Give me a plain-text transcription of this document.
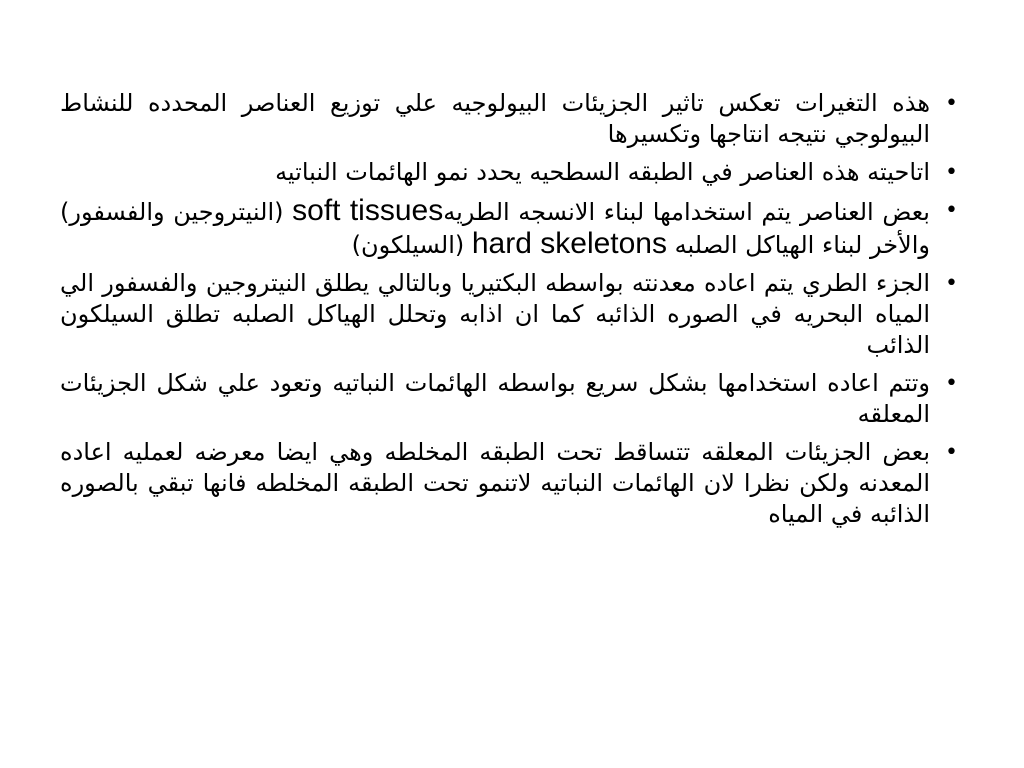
• هذه التغيرات تعكس تاثير الجزيئات البيولوجيه علي توزيع العناصر المحدده للنشاط البيولوجي نتيجه انتاجها وتكسيرها
• اتاحيته هذه العناصر في الطبقه السطحيه يحدد نمو الهائمات النباتيه
• بعض العناصر يتم استخدامها لبناء الانسجه الطريهsoft tissues (النيتروجين والفسفور) والأخر لبناء الهياكل الصلبه hard skeletons (السيلكون)
• الجزء الطري يتم اعاده معدنته بواسطه البكتيريا وبالتالي يطلق النيتروجين والفسفور الي المياه البحريه في الصوره الذائبه كما ان اذابه وتحلل الهياكل الصلبه تطلق السيلكون الذائب
• وتتم اعاده استخدامها بشكل سريع بواسطه الهائمات النباتيه وتعود علي شكل الجزيئات المعلقه
• بعض الجزيئات المعلقه تتساقط تحت الطبقه المخلطه وهي ايضا معرضه لعمليه اعاده المعدنه ولكن نظرا لان الهائمات النباتيه لاتنمو تحت الطبقه المخلطه فانها تبقي بالصوره الذائبه في المياه
